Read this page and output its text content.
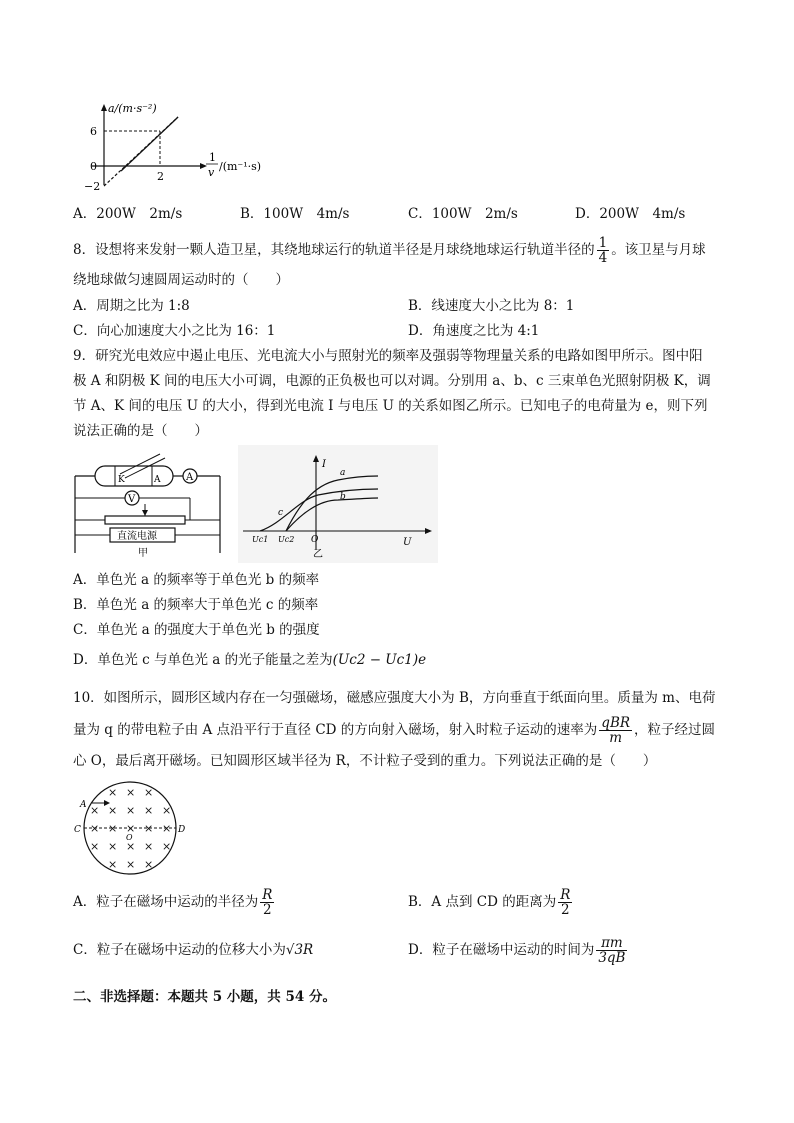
a/(m·s⁻²)
6
0
−2
2
1
v /(m⁻¹·s)
A．200W　2m/s	B．100W　4m/s	C．100W　2m/s	D．200W　4m/s
8．设想将来发射一颗人造卫星，其绕地球运行的轨道半径是月球绕地球运行轨道半径的 $\frac{1}{4}$ 。该卫星与月球
绕地球做匀速圆周运动时的（　　）
A．周期之比为 1:8	B．线速度大小之比为 8：1
C．向心加速度大小之比为 16：1	D．角速度之比为 4:1
9．研究光电效应中遏止电压、光电流大小与照射光的频率及强弱等物理量关系的电路如图甲所示。图中阳
极 A 和阴极 K 间的电压大小可调，电源的正负极也可以对调。分别用 a、b、c 三束单色光照射阴极 K，调
节 A、K 间的电压 U 的大小，得到光电流 I 与电压 U 的关系如图乙所示。已知电子的电荷量为 e，则下列
说法正确的是（　　）
K	A	A
V
直流电源
甲
I
U
O
Uc1 Uc2
a
b
c
乙
A．单色光 a 的频率等于单色光 b 的频率
B．单色光 a 的频率大于单色光 c 的频率
C．单色光 a 的强度大于单色光 b 的强度
D．单色光 c 与单色光 a 的光子能量之差为(Uc2 − Uc1)e
10．如图所示，圆形区域内存在一匀强磁场，磁感应强度大小为 B，方向垂直于纸面向里。质量为 m、电荷
量为 q 的带电粒子由 A 点沿平行于直径 CD 的方向射入磁场，射入时粒子运动的速率为 $\frac{\text{qBR}}{m}$ ，粒子经过圆
心 O，最后离开磁场。已知圆形区域半径为 R，不计粒子受到的重力。下列说法正确的是（　　）
A
C	D
O
× × ×
× × × × ×
× × × × ×
× × × × ×
× × ×
A．粒子在磁场中运动的半径为 $\frac{R}{2}$	B．A 点到 CD 的距离为 $\frac{R}{2}$
C．粒子在磁场中运动的位移大小为√3R	D．粒子在磁场中运动的时间为 $\frac{\pi m}{3qB}$
二、非选择题：本题共 5 小题，共 54 分。
